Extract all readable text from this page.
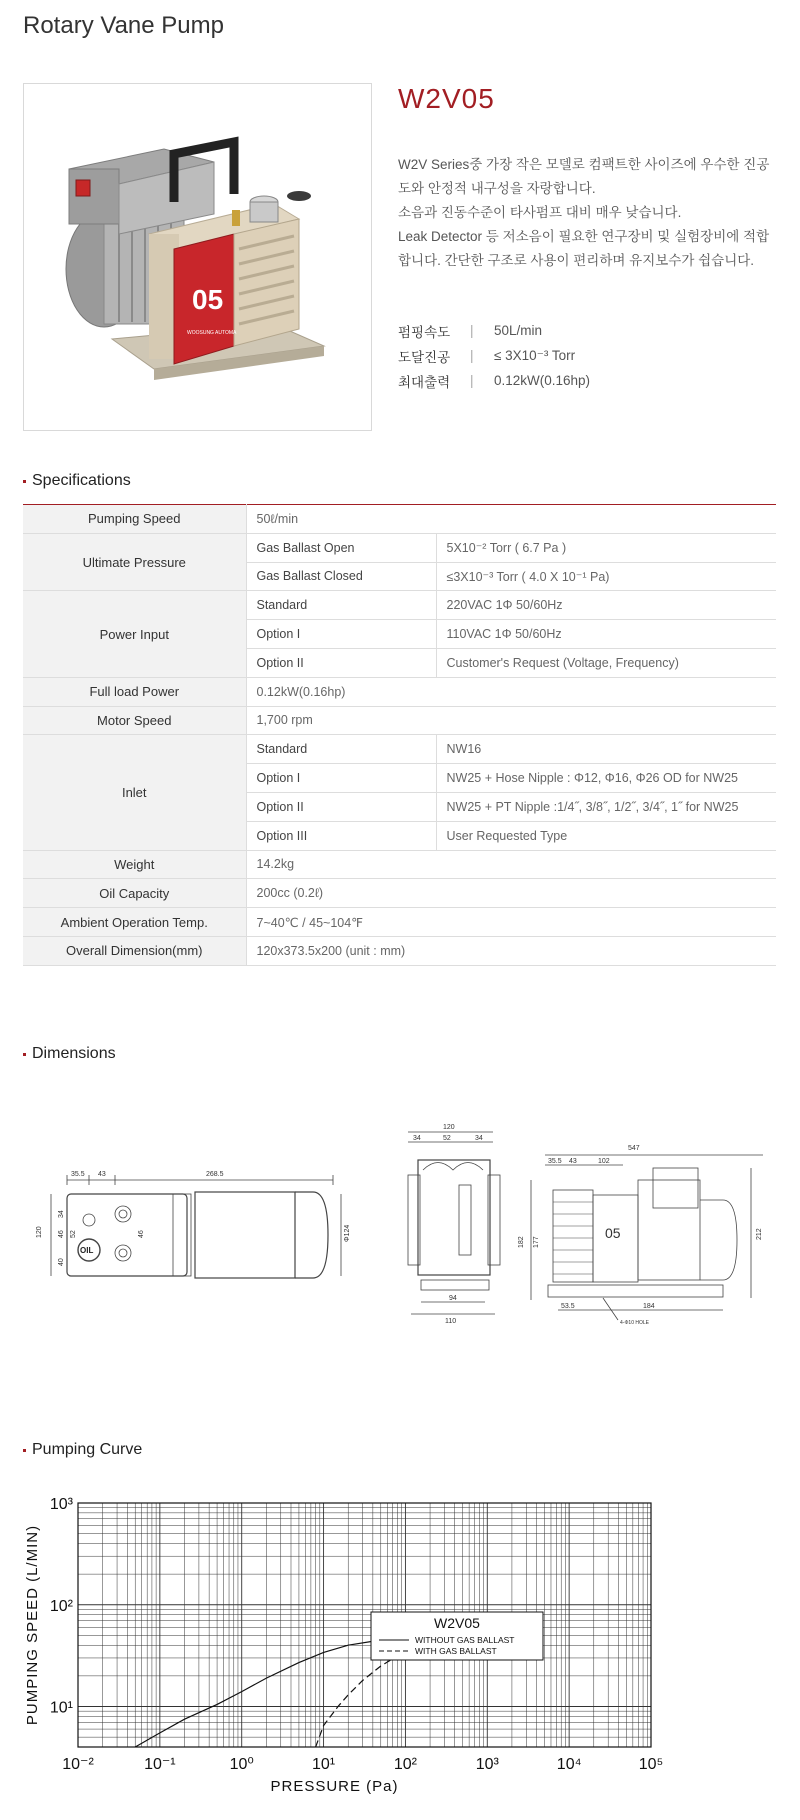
Rotary Vane Pump
05
WOOSUNG AUTOMA
W2V05

W2V Series중 가장 작은 모델로 컴팩트한 사이즈에 우수한 진공도와 안정적 내구성을 자랑합니다.

소음과 진동수준이 타사펌프 대비 매우 낮습니다.

Leak Detector 등 저소음이 필요한 연구장비 및 실험장비에 적합합니다. 간단한 구조로 사용이 편리하며 유지보수가 쉽습니다.

펌핑속도	|	50L/min
도달진공	|	≤ 3X10⁻³ Torr
최대출력	|	0.12kW(0.16hp)
Specifications
Pumping Speed	50ℓ/min	
Ultimate Pressure	Gas Ballast Open	5X10⁻² Torr ( 6.7 Pa )
	Gas Ballast Closed	≤3X10⁻³ Torr ( 4.0 X 10⁻¹ Pa)
Power Input	Standard	220VAC 1Φ 50/60Hz
	Option I	110VAC 1Φ 50/60Hz
	Option II	Customer's Request (Voltage, Frequency)
Full load Power	0.12kW(0.16hp)	
Motor Speed	1,700 rpm	
Inlet	Standard	NW16
	Option I	NW25 + Hose Nipple : Φ12, Φ16, Φ26 OD for NW25
	Option II	NW25 + PT Nipple :1/4˝, 3/8˝, 1/2˝, 3/4˝, 1˝ for NW25
	Option III	User Requested Type
Weight	14.2kg	
Oil Capacity	200cc (0.2ℓ)	
Ambient Operation Temp.	7~40℃ / 45~104℉	
Overall Dimension(mm)	120x373.5x200 (unit : mm)	
Dimensions
35.5 43	268.5
OIL
120
34
46 52	46
40
Φ124
120
34	52	34
94
110
547
35.5 43	102
05
182 177
212
53.5	184
4-Φ10 HOLE
Pumping Curve
10⁻²	10⁻¹	10⁰	10¹	10²	10³	10⁴	10⁵
10¹
10²
10³
PRESSURE (Pa)
PUMPING SPEED (L/MIN)	W2V05
WITHOUT GAS BALLAST
WITH GAS BALLAST
